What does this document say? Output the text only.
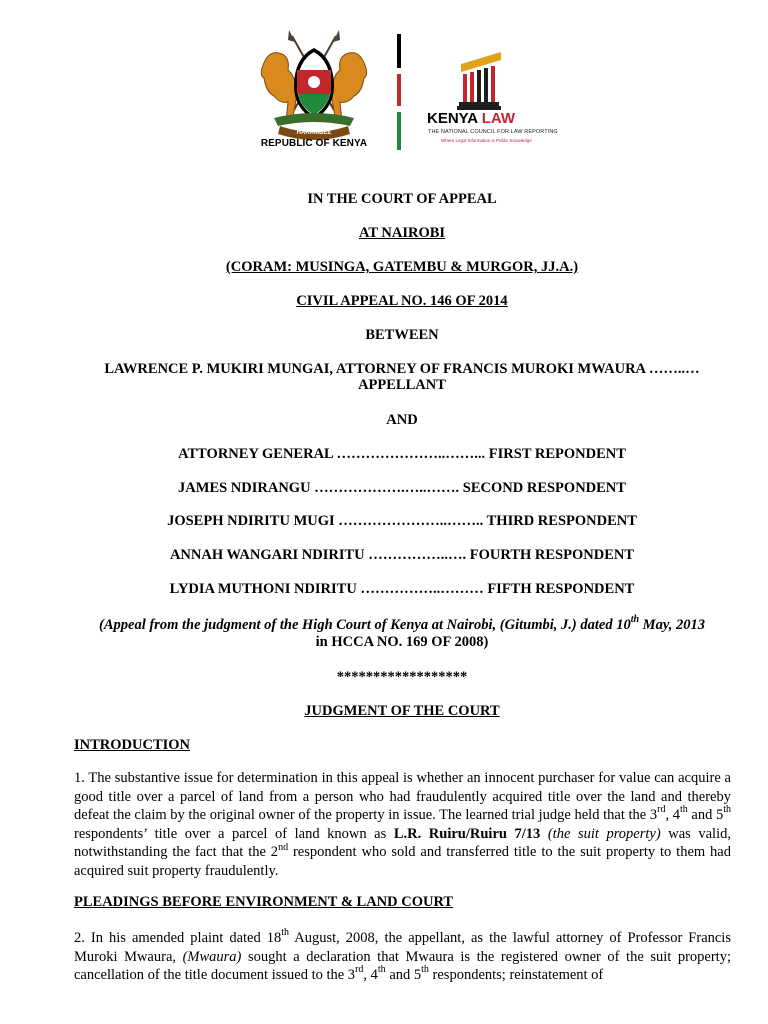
HARAMBEE
REPUBLIC OF KENYA
KENYA LAW
THE NATIONAL COUNCIL FOR LAW REPORTING
Where Legal Information is Public Knowledge
IN THE COURT OF APPEAL
AT NAIROBI
(CORAM: MUSINGA, GATEMBU & MURGOR, JJ.A.)
CIVIL APPEAL NO. 146 OF 2014
BETWEEN
LAWRENCE P. MUKIRI MUNGAI, ATTORNEY OF FRANCIS MUROKI MWAURA ……..…
APPELLANT
AND
ATTORNEY GENERAL …………………..……... FIRST REPONDENT
JAMES NDIRANGU ……………….…..……. SECOND RESPONDENT
JOSEPH NDIRITU MUGI …………………..…….. THIRD RESPONDENT
ANNAH WANGARI NDIRITU ……………..…. FOURTH RESPONDENT
LYDIA MUTHONI NDIRITU ……………..……… FIFTH RESPONDENT
(Appeal from the judgment of the High Court of Kenya at Nairobi, (Gitumbi, J.) dated 10th May, 2013
in HCCA NO. 169 OF 2008)
******************
JUDGMENT OF THE COURT
INTRODUCTION

1. The substantive issue for determination in this appeal is whether an innocent purchaser for value can acquire a good title over a parcel of land from a person who had fraudulently acquired title over the land and thereby defeat the claim by the original owner of the property in issue. The learned trial judge held that the 3rd, 4th and 5th respondents’ title over a parcel of land known as L.R. Ruiru/Ruiru 7/13 (the suit property) was valid, notwithstanding the fact that the 2nd respondent who sold and transferred title to the suit property to them had acquired suit property fraudulently.

PLEADINGS BEFORE ENVIRONMENT & LAND COURT

2. In his amended plaint dated 18th August, 2008, the appellant, as the lawful attorney of Professor Francis Muroki Mwaura, (Mwaura) sought a declaration that Mwaura is the registered owner of the suit property; cancellation of the title document issued to the 3rd, 4th and 5th respondents; reinstatement of
